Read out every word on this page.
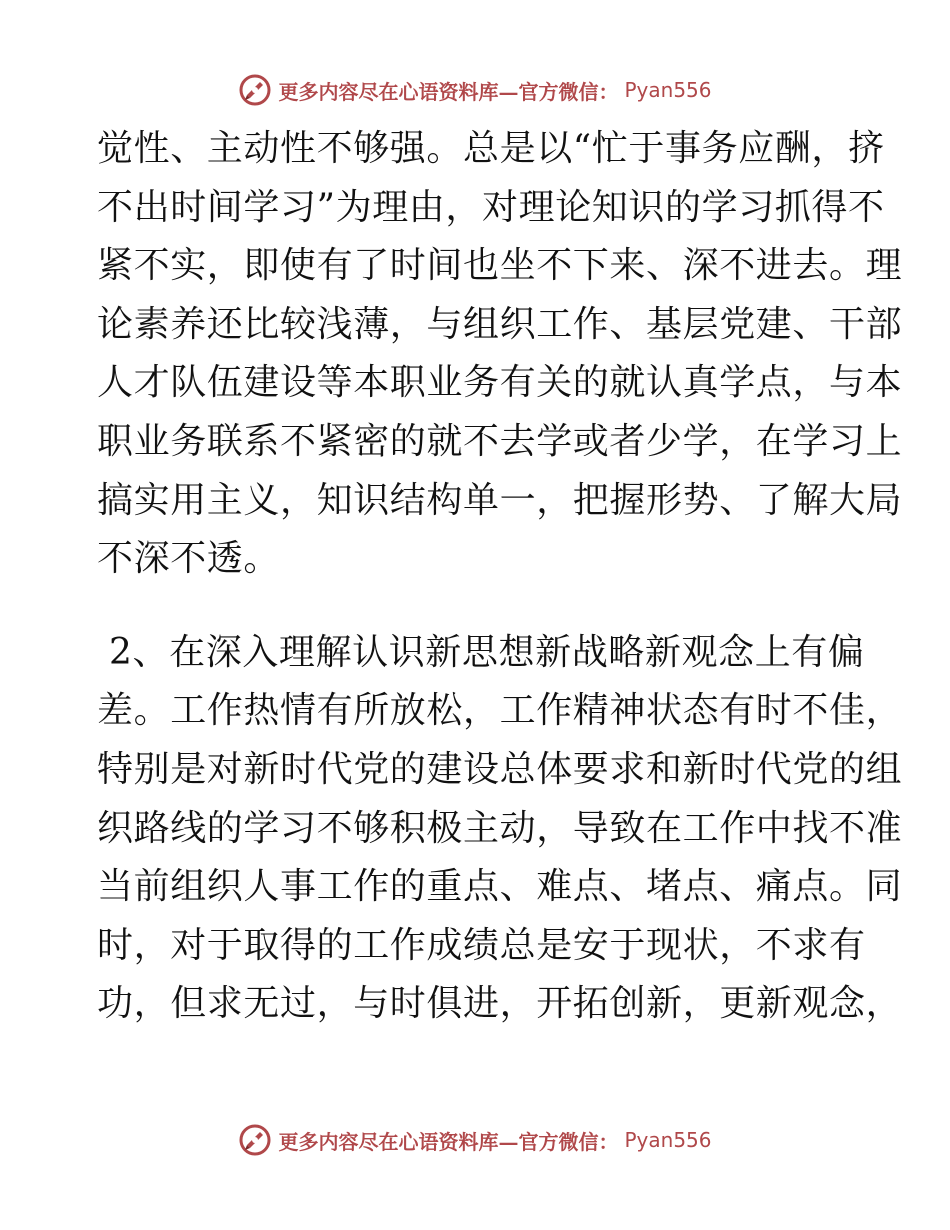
更多内容尽在心语资料库—官方微信： Pyan556
觉性、主动性不够强。总是以“忙于事务应酬，挤
不出时间学习”为理由，对理论知识的学习抓得不
紧不实，即使有了时间也坐不下来、深不进去。理
论素养还比较浅薄，与组织工作、基层党建、干部
人才队伍建设等本职业务有关的就认真学点，与本
职业务联系不紧密的就不去学或者少学，在学习上
搞实用主义，知识结构单一，把握形势、了解大局
不深不透。
2、在深入理解认识新思想新战略新观念上有偏
差。工作热情有所放松，工作精神状态有时不佳，
特别是对新时代党的建设总体要求和新时代党的组
织路线的学习不够积极主动，导致在工作中找不准
当前组织人事工作的重点、难点、堵点、痛点。同
时，对于取得的工作成绩总是安于现状，不求有
功，但求无过，与时俱进，开拓创新，更新观念，
更多内容尽在心语资料库—官方微信： Pyan556
